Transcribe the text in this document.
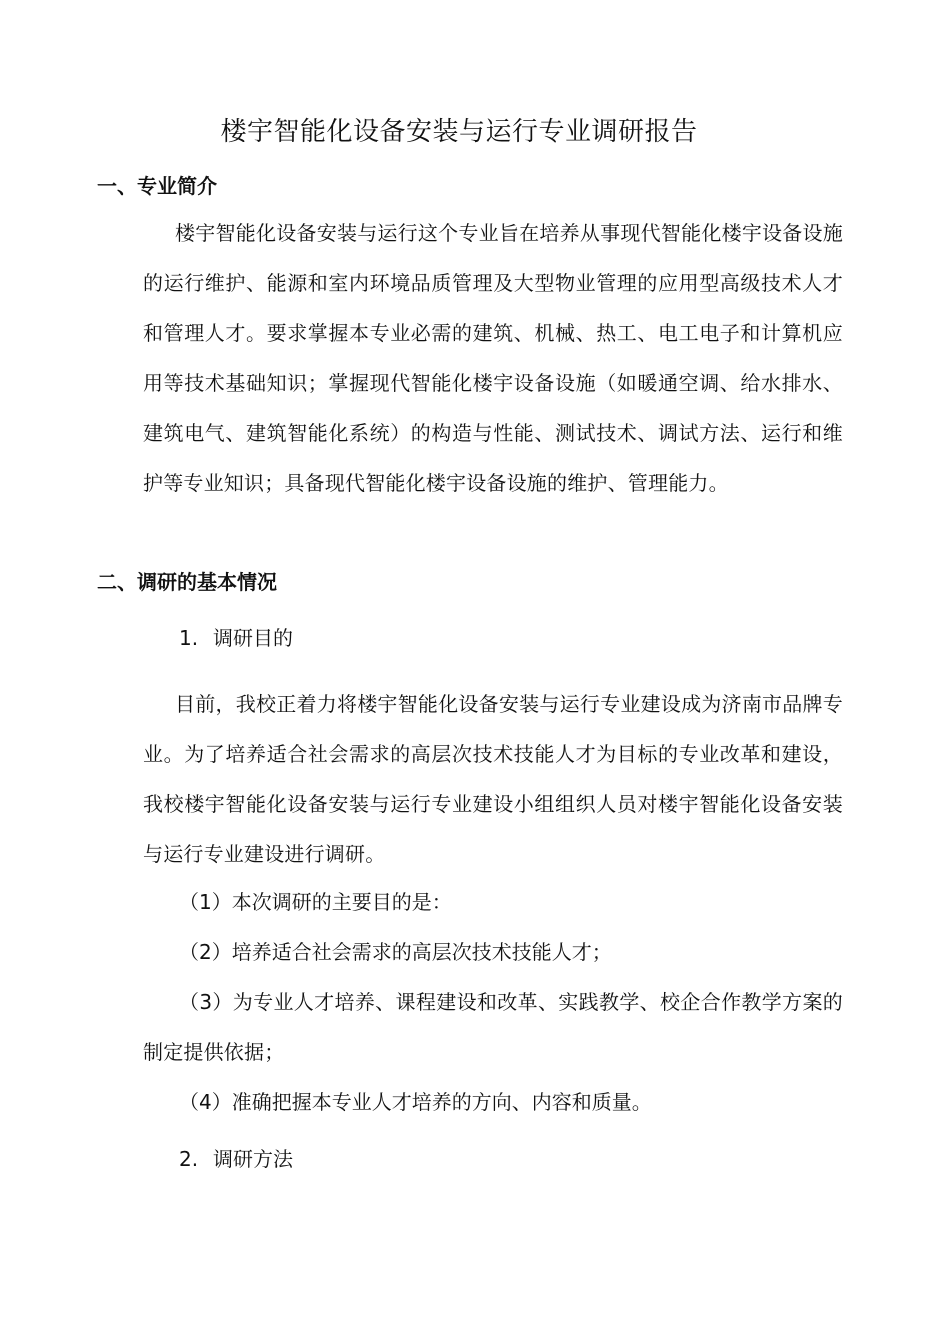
楼宇智能化设备安装与运行专业调研报告
一、专业简介
楼宇智能化设备安装与运行这个专业旨在培养从事现代智能化楼宇设备设施的运行维护、能源和室内环境品质管理及大型物业管理的应用型高级技术人才和管理人才。要求掌握本专业必需的建筑、机械、热工、电工电子和计算机应用等技术基础知识；掌握现代智能化楼宇设备设施（如暖通空调、给水排水、建筑电气、建筑智能化系统）的构造与性能、测试技术、调试方法、运行和维护等专业知识；具备现代智能化楼宇设备设施的维护、管理能力。
二、调研的基本情况
1. 调研目的
目前，我校正着力将楼宇智能化设备安装与运行专业建设成为济南市品牌专业。为了培养适合社会需求的高层次技术技能人才为目标的专业改革和建设，我校楼宇智能化设备安装与运行专业建设小组组织人员对楼宇智能化设备安装与运行专业建设进行调研。
（1）本次调研的主要目的是：
（2）培养适合社会需求的高层次技术技能人才；
（3）为专业人才培养、课程建设和改革、实践教学、校企合作教学方案的制定提供依据；
（4）准确把握本专业人才培养的方向、内容和质量。
2. 调研方法
